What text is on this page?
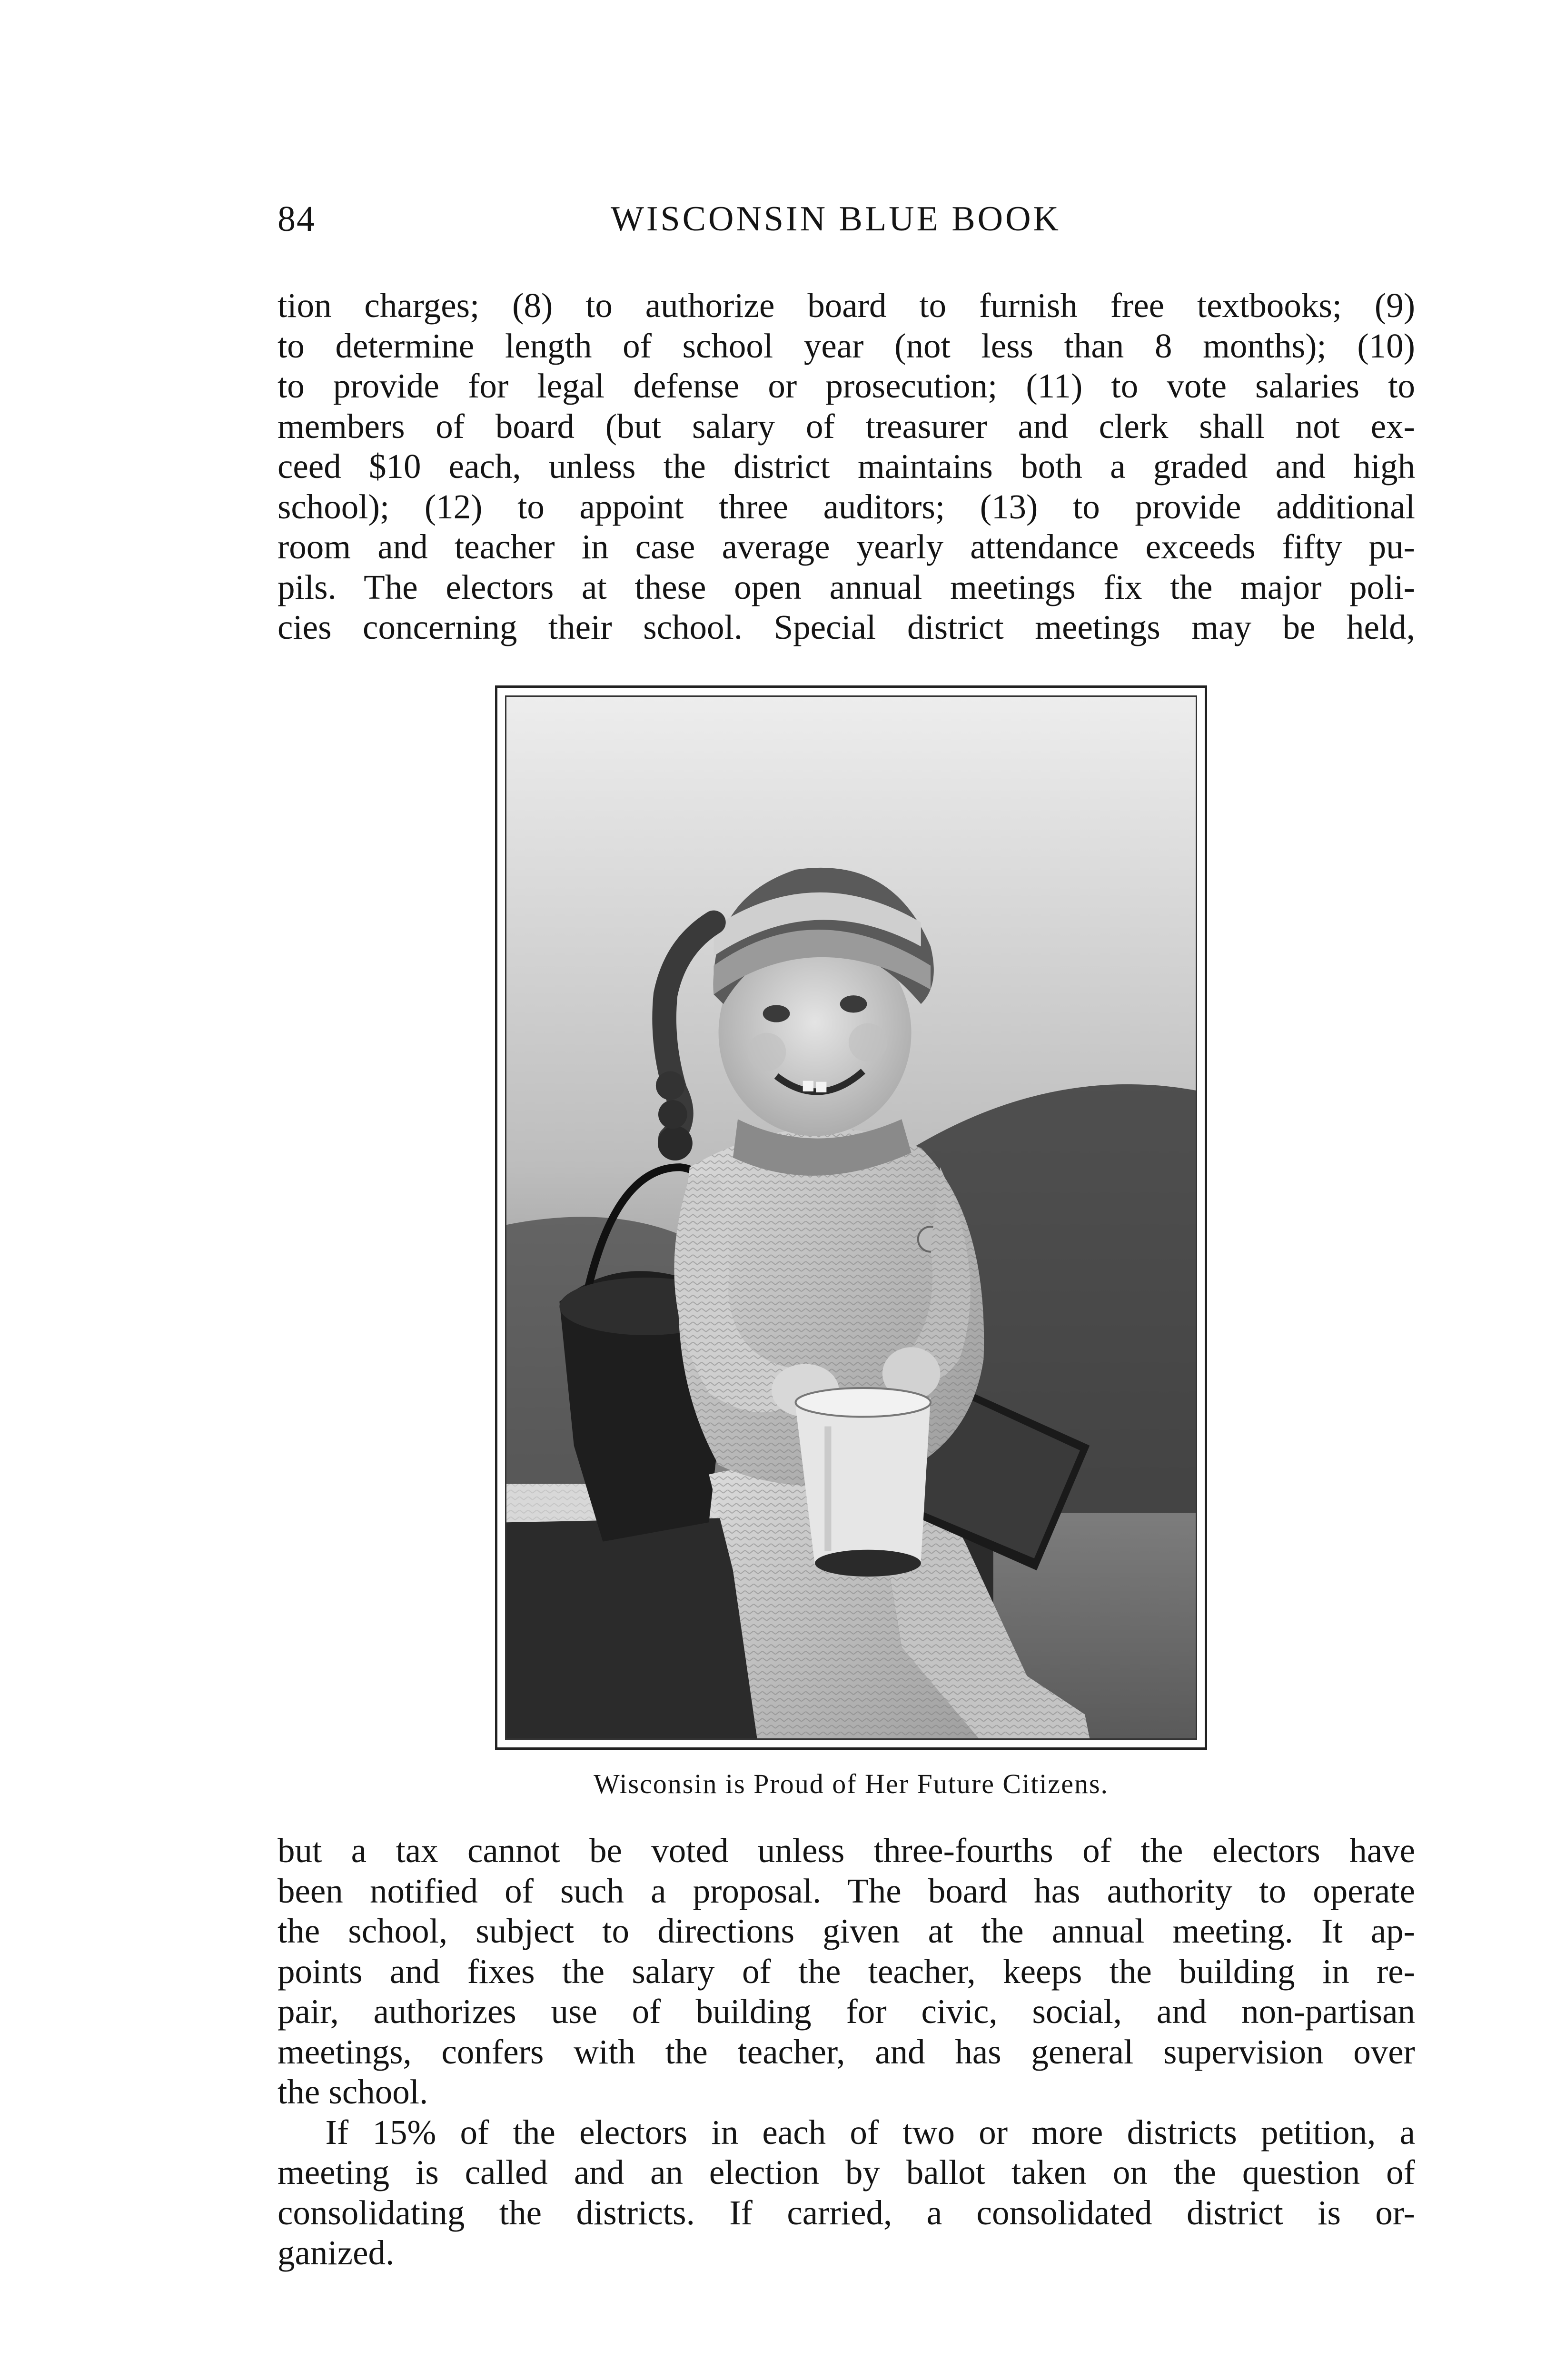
84	WISCONSIN BLUE BOOK
tion charges; (8) to authorize board to furnish free textbooks; (9)
to determine length of school year (not less than 8 months); (10)
to provide for legal defense or prosecution; (11) to vote salaries to
members of board (but salary of treasurer and clerk shall not ex-
ceed $10 each, unless the district maintains both a graded and high
school); (12) to appoint three auditors; (13) to provide additional
room and teacher in case average yearly attendance exceeds fifty pu-
pils. The electors at these open annual meetings fix the major poli-
cies concerning their school. Special district meetings may be held,
Wisconsin is Proud of Her Future Citizens.
but a tax cannot be voted unless three-fourths of the electors have
been notified of such a proposal. The board has authority to operate
the school, subject to directions given at the annual meeting. It ap-
points and fixes the salary of the teacher, keeps the building in re-
pair, authorizes use of building for civic, social, and non-partisan
meetings, confers with the teacher, and has general supervision over
the school.
If 15% of the electors in each of two or more districts petition, a
meeting is called and an election by ballot taken on the question of
consolidating the districts. If carried, a consolidated district is or-
ganized.
